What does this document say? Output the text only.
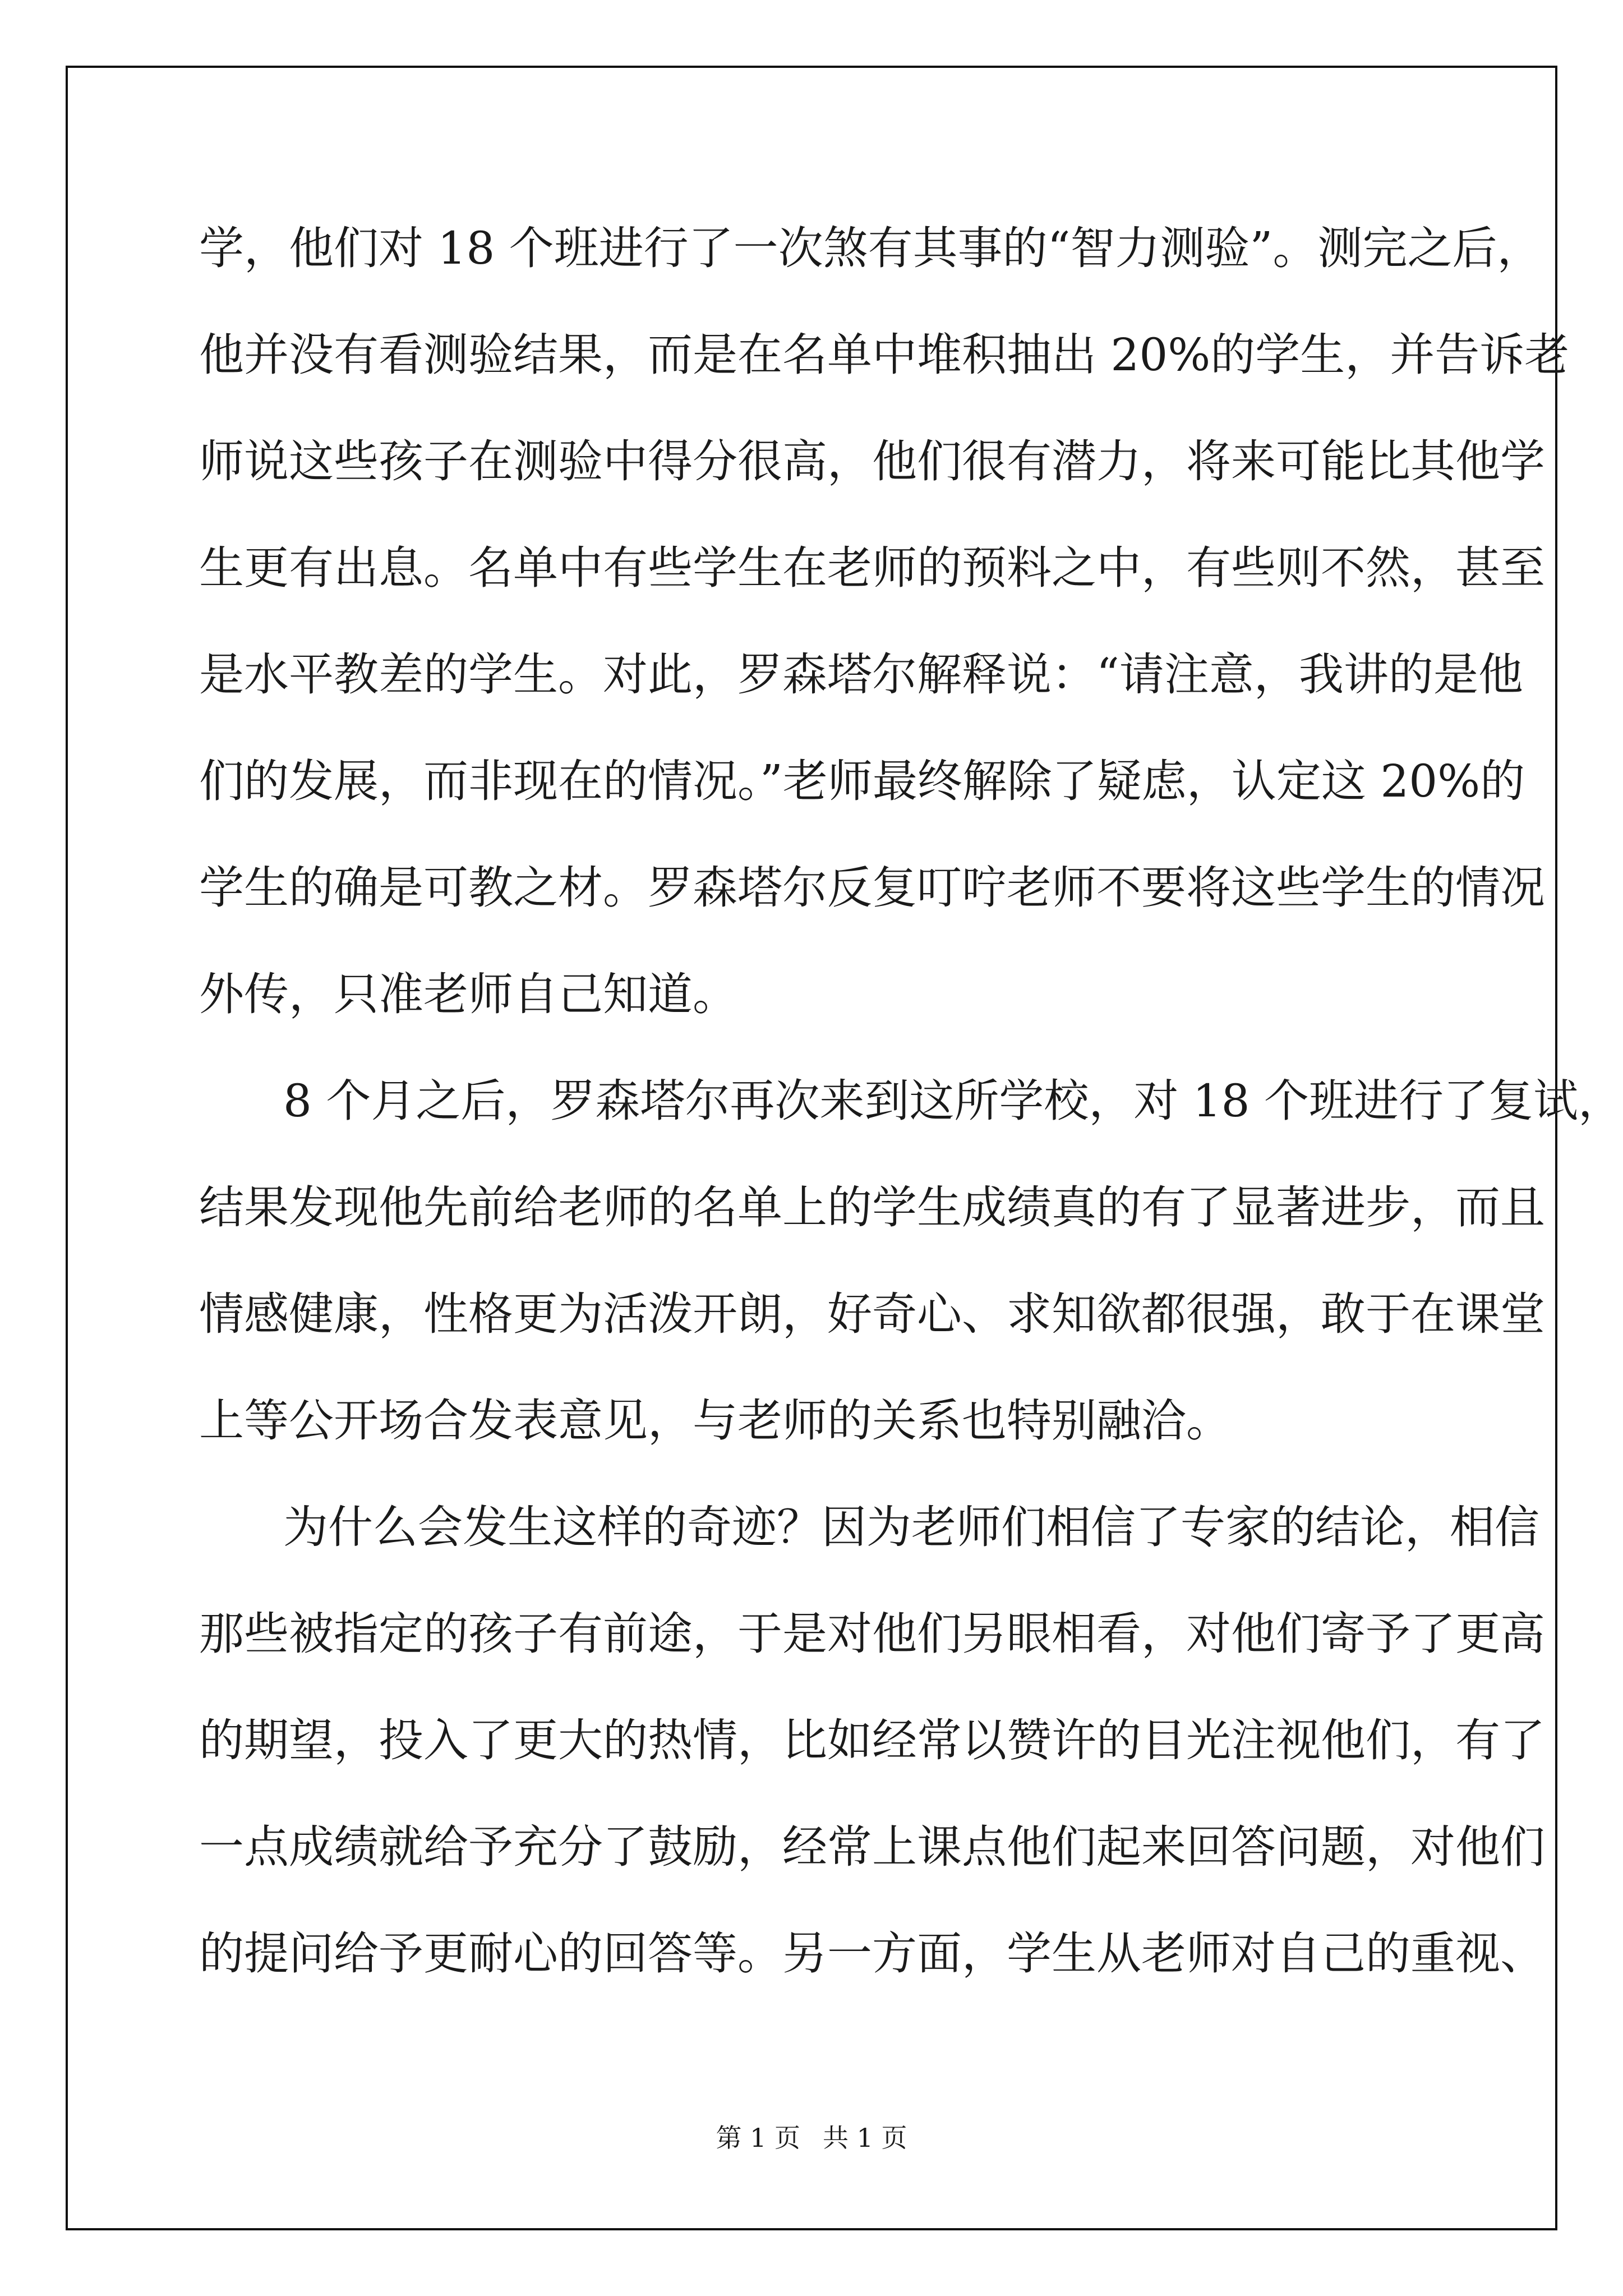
学，他们对 18 个班进行了一次煞有其事的“智力测验”。测完之后，
他并没有看测验结果，而是在名单中堆积抽出 20%的学生，并告诉老
师说这些孩子在测验中得分很高，他们很有潜力，将来可能比其他学
生更有出息。名单中有些学生在老师的预料之中，有些则不然，甚至
是水平教差的学生。对此，罗森塔尔解释说：“请注意，我讲的是他
们的发展，而非现在的情况。”老师最终解除了疑虑，认定这 20%的
学生的确是可教之材。罗森塔尔反复叮咛老师不要将这些学生的情况
外传，只准老师自己知道。
8 个月之后，罗森塔尔再次来到这所学校，对 18 个班进行了复试，
结果发现他先前给老师的名单上的学生成绩真的有了显著进步，而且
情感健康，性格更为活泼开朗，好奇心、求知欲都很强，敢于在课堂
上等公开场合发表意见，与老师的关系也特别融洽。
为什么会发生这样的奇迹？因为老师们相信了专家的结论，相信
那些被指定的孩子有前途，于是对他们另眼相看，对他们寄予了更高
的期望，投入了更大的热情，比如经常以赞许的目光注视他们，有了
一点成绩就给予充分了鼓励，经常上课点他们起来回答问题，对他们
的提问给予更耐心的回答等。另一方面，学生从老师对自己的重视、
第 1 页 共 1 页
